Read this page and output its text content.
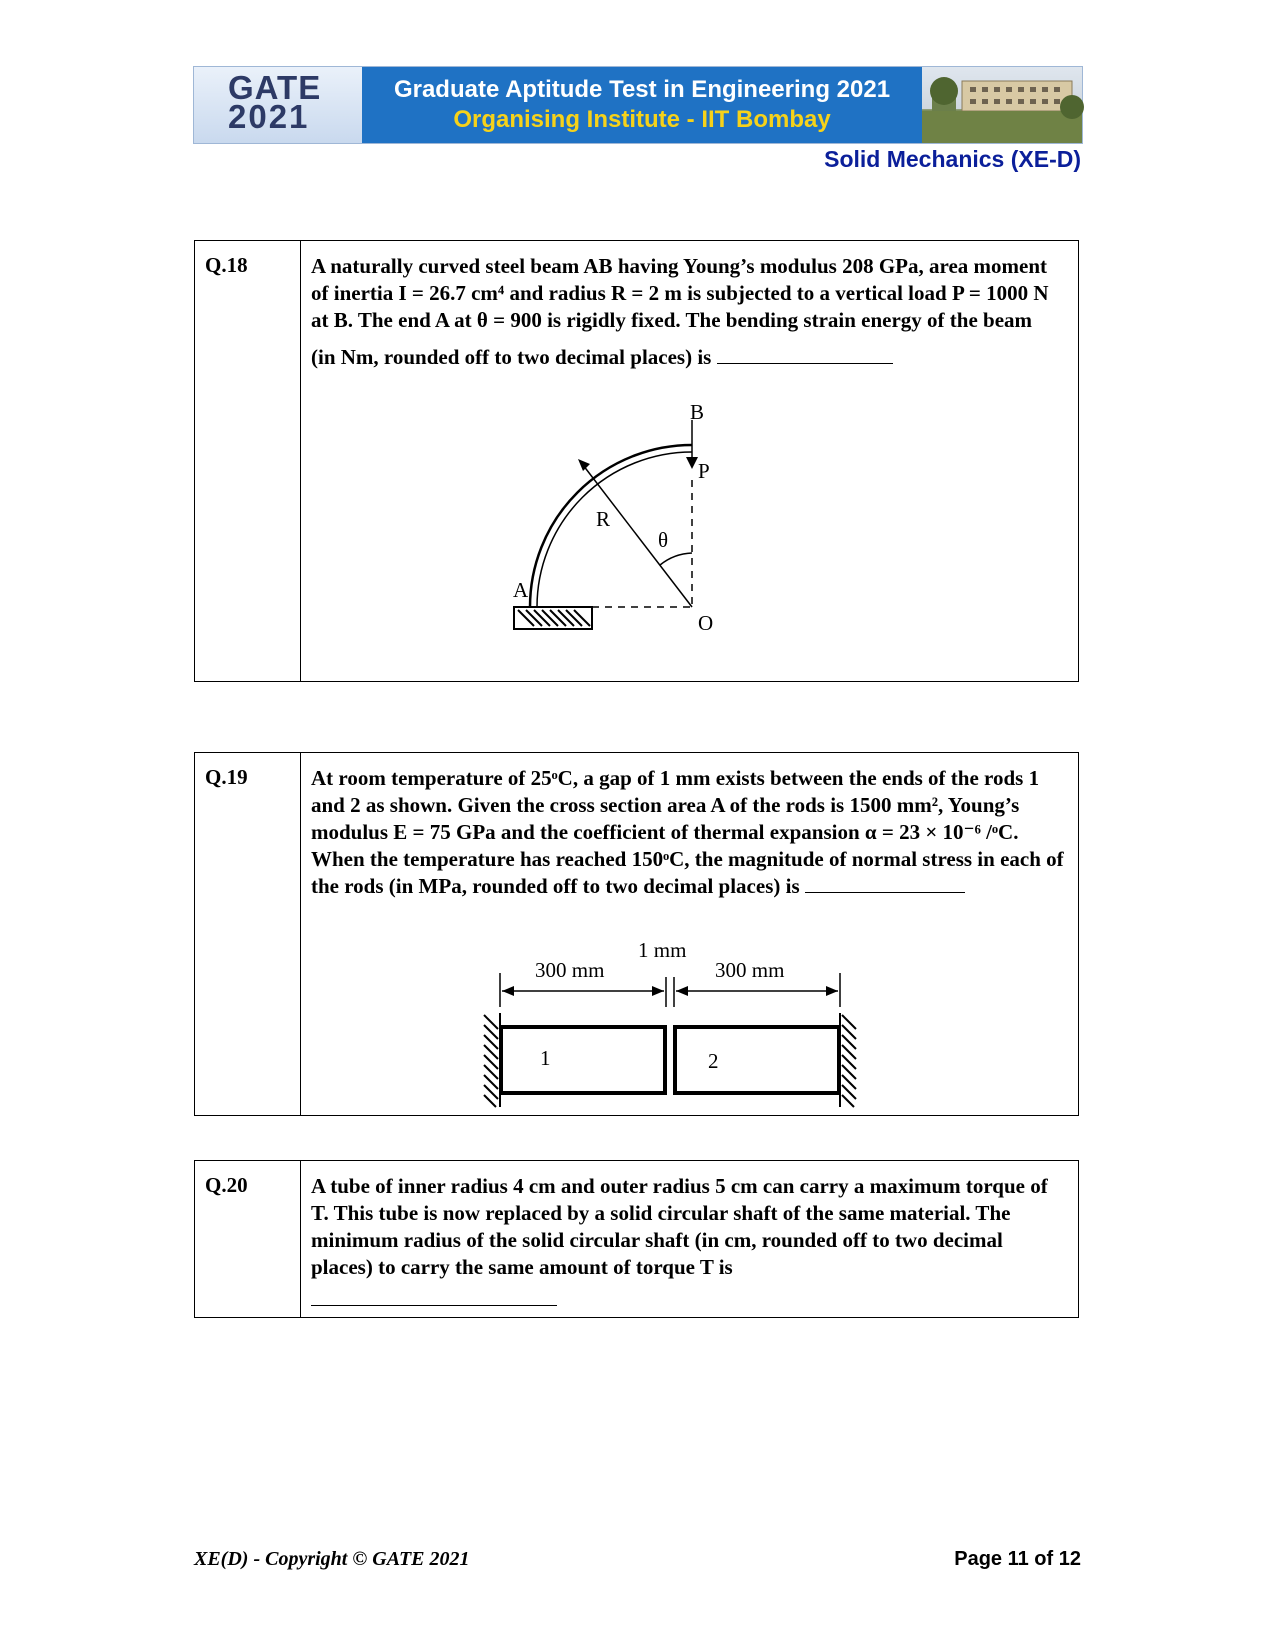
GATE
2021
Graduate Aptitude Test in Engineering 2021
Organising Institute - IIT Bombay
Solid Mechanics (XE-D)
Q.18	A naturally curved steel beam AB having Young’s modulus 208 GPa, area moment of inertia I = 26.7 cm⁴ and radius R = 2 m is subjected to a vertical load P = 1000 N at B. The end A at θ = 900 is rigidly fixed. The bending strain energy of the beam

(in Nm, rounded off to two decimal places) is

B
P
R
θ
A
O
Q.19	At room temperature of 25ᵒC, a gap of 1 mm exists between the ends of the rods 1 and 2 as shown. Given the cross section area A of the rods is 1500 mm², Young’s modulus E = 75 GPa and the coefficient of thermal expansion α = 23 × 10⁻⁶ /ᵒC. When the temperature has reached 150ᵒC, the magnitude of normal stress in each of the rods (in MPa, rounded off to two decimal places) is

1 mm
300 mm	300 mm
1	2
Q.20	A tube of inner radius 4 cm and outer radius 5 cm can carry a maximum torque of T. This tube is now replaced by a solid circular shaft of the same material. The minimum radius of the solid circular shaft (in cm, rounded off to two decimal places) to carry the same amount of torque T is

XE(D) - Copyright © GATE 2021	Page 11 of 12
